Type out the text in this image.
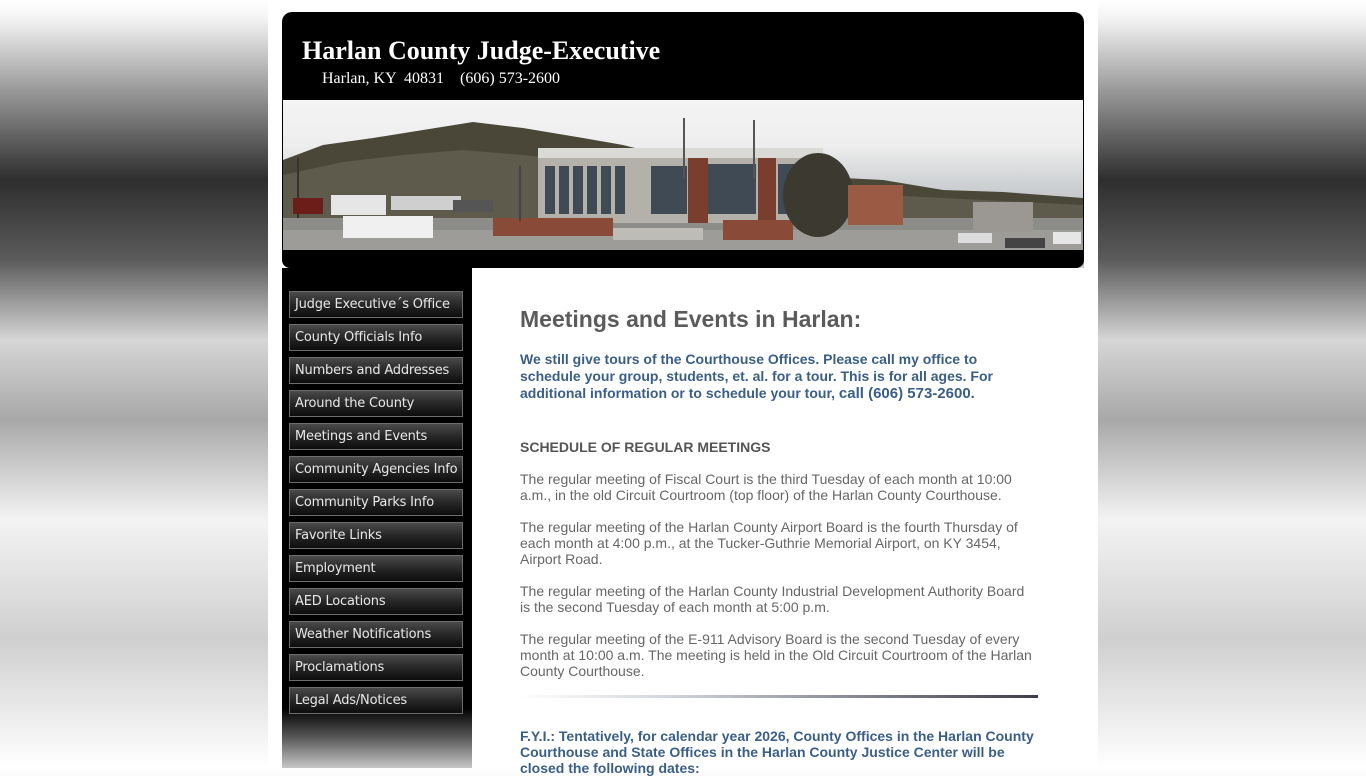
Harlan County Judge-Executive
Harlan, KY  40831    (606) 573-2600
Judge Executive´s Office
County Officials Info
Numbers and Addresses
Around the County
Meetings and Events
Community Agencies Info
Community Parks Info
Favorite Links
Employment
AED Locations
Weather Notifications
Proclamations
Legal Ads/Notices
Meetings and Events in Harlan:

We still give tours of the Courthouse Offices. Please call my office to schedule your group, students, et. al. for a tour. This is for all ages. For additional information or to schedule your tour, call (606) 573-2600.

SCHEDULE OF REGULAR MEETINGS

The regular meeting of Fiscal Court is the third Tuesday of each month at 10:00 a.m., in the old Circuit Courtroom (top floor) of the Harlan County Courthouse.

The regular meeting of the Harlan County Airport Board is the fourth Thursday of each month at 4:00 p.m., at the Tucker-Guthrie Memorial Airport, on KY 3454, Airport Road.

The regular meeting of the Harlan County Industrial Development Authority Board is the second Tuesday of each month at 5:00 p.m.

The regular meeting of the E-911 Advisory Board is the second Tuesday of every month at 10:00 a.m. The meeting is held in the Old Circuit Courtroom of the Harlan County Courthouse.

F.Y.I.: Tentatively, for calendar year 2026, County Offices in the Harlan County Courthouse and State Offices in the Harlan County Justice Center will be closed the following dates:
